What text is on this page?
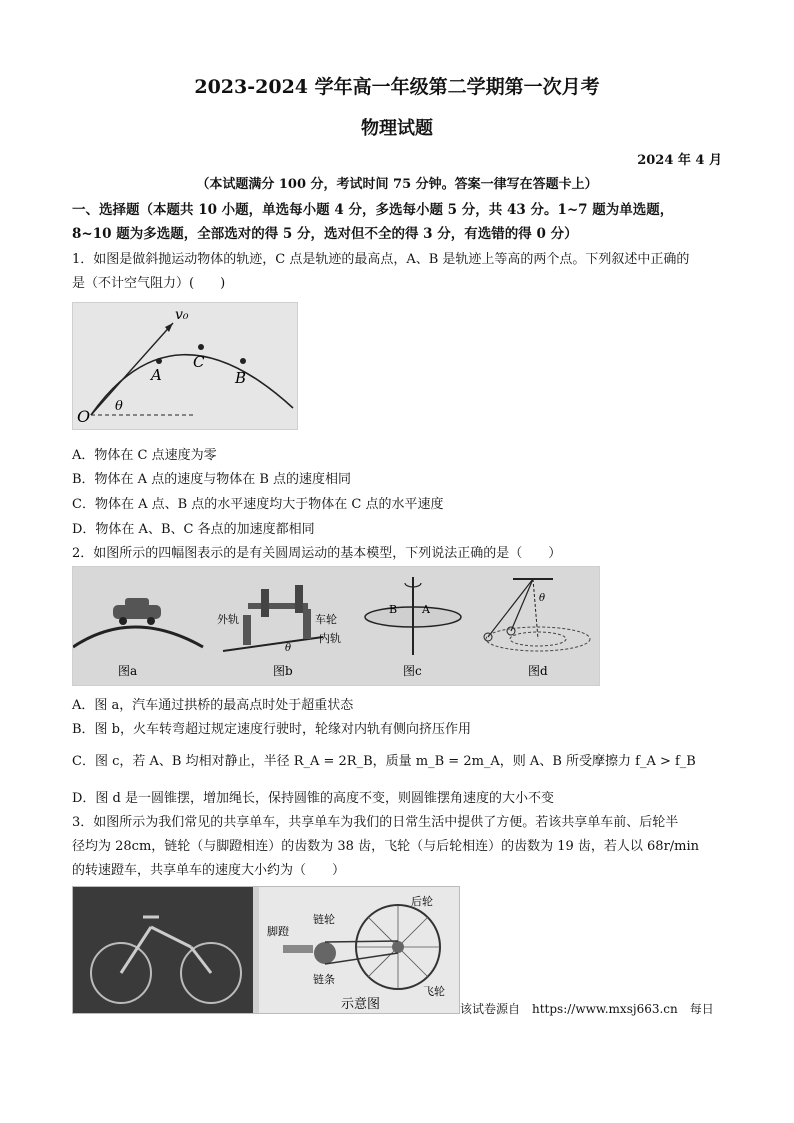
2023-2024 学年高一年级第二学期第一次月考
物理试题
2024 年 4 月
（本试题满分 100 分，考试时间 75 分钟。答案一律写在答题卡上）
一、选择题（本题共 10 小题，单选每小题 4 分，多选每小题 5 分，共 43 分。1~7 题为单选题，
8~10 题为多选题，全部选对的得 5 分，选对但不全的得 3 分，有选错的得 0 分）
1．如图是做斜抛运动物体的轨迹，C 点是轨迹的最高点，A、B 是轨迹上等高的两个点。下列叙述中正确的
是（不计空气阻力）(　　)
v₀
A
C
B
O
θ
A．物体在 C 点速度为零
B．物体在 A 点的速度与物体在 B 点的速度相同
C．物体在 A 点、B 点的水平速度均大于物体在 C 点的水平速度
D．物体在 A、B、C 各点的加速度都相同
2．如图所示的四幅图表示的是有关圆周运动的基本模型，下列说法正确的是（　　）
图a
外轨	车轮
内轨
θ
图b
B A
图c
θ
图d
A．图 a，汽车通过拱桥的最高点时处于超重状态
B．图 b，火车转弯超过规定速度行驶时，轮缘对内轨有侧向挤压作用
C．图 c，若 A、B 均相对静止，半径 R_A = 2R_B，质量 m_B = 2m_A，则 A、B 所受摩擦力 f_A > f_B
D．图 d 是一圆锥摆，增加绳长，保持圆锥的高度不变，则圆锥摆角速度的大小不变
3．如图所示为我们常见的共享单车，共享单车为我们的日常生活中提供了方便。若该共享单车前、后轮半
径均为 28cm，链轮（与脚蹬相连）的齿数为 38 齿，飞轮（与后轮相连）的齿数为 19 齿，若人以 68r/min
的转速蹬车，共享单车的速度大小约为（　　）
脚蹬
链轮
后轮
链条
飞轮
示意图	该试卷源自　https://www.mxsj663.cn　每日
